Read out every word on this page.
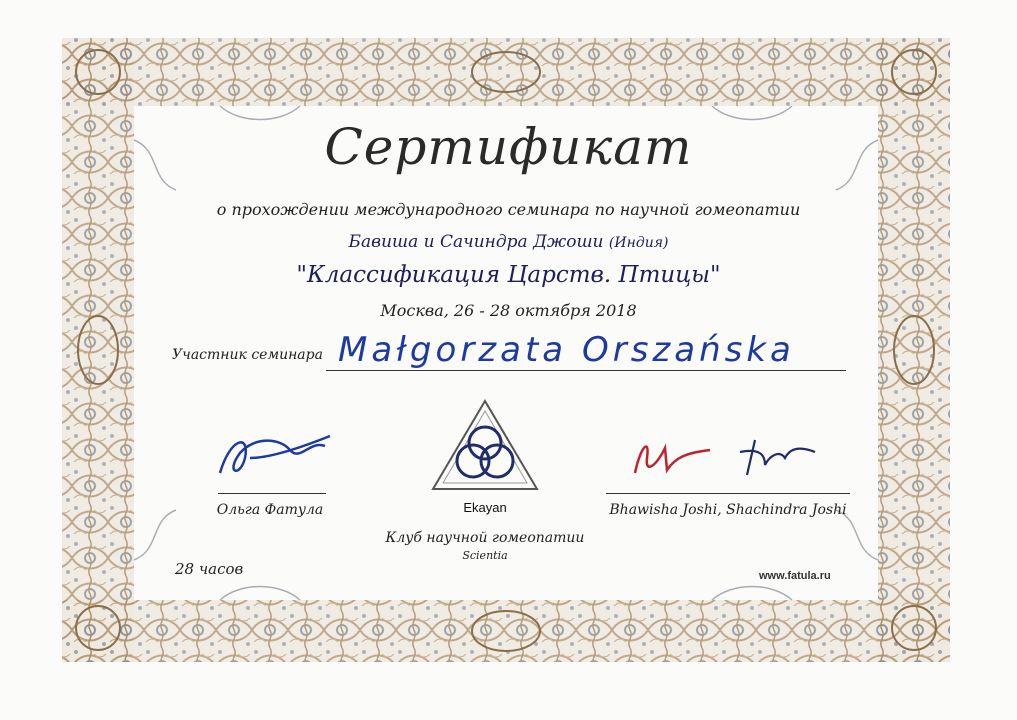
Сертификат
о прохождении международного семинара по научной гомеопатии
Бавиша и Сачиндра Джоши (Индия)
"Классификация Царств. Птицы"
Москва, 26 - 28 октября 2018
Участник семинара Małgorzata Orszańska
Ольга Фатула	Ekayan	Bhawisha Joshi, Shachindra Joshi
Клуб научной гомеопатии
Scientia
28 часов	www.fatula.ru
